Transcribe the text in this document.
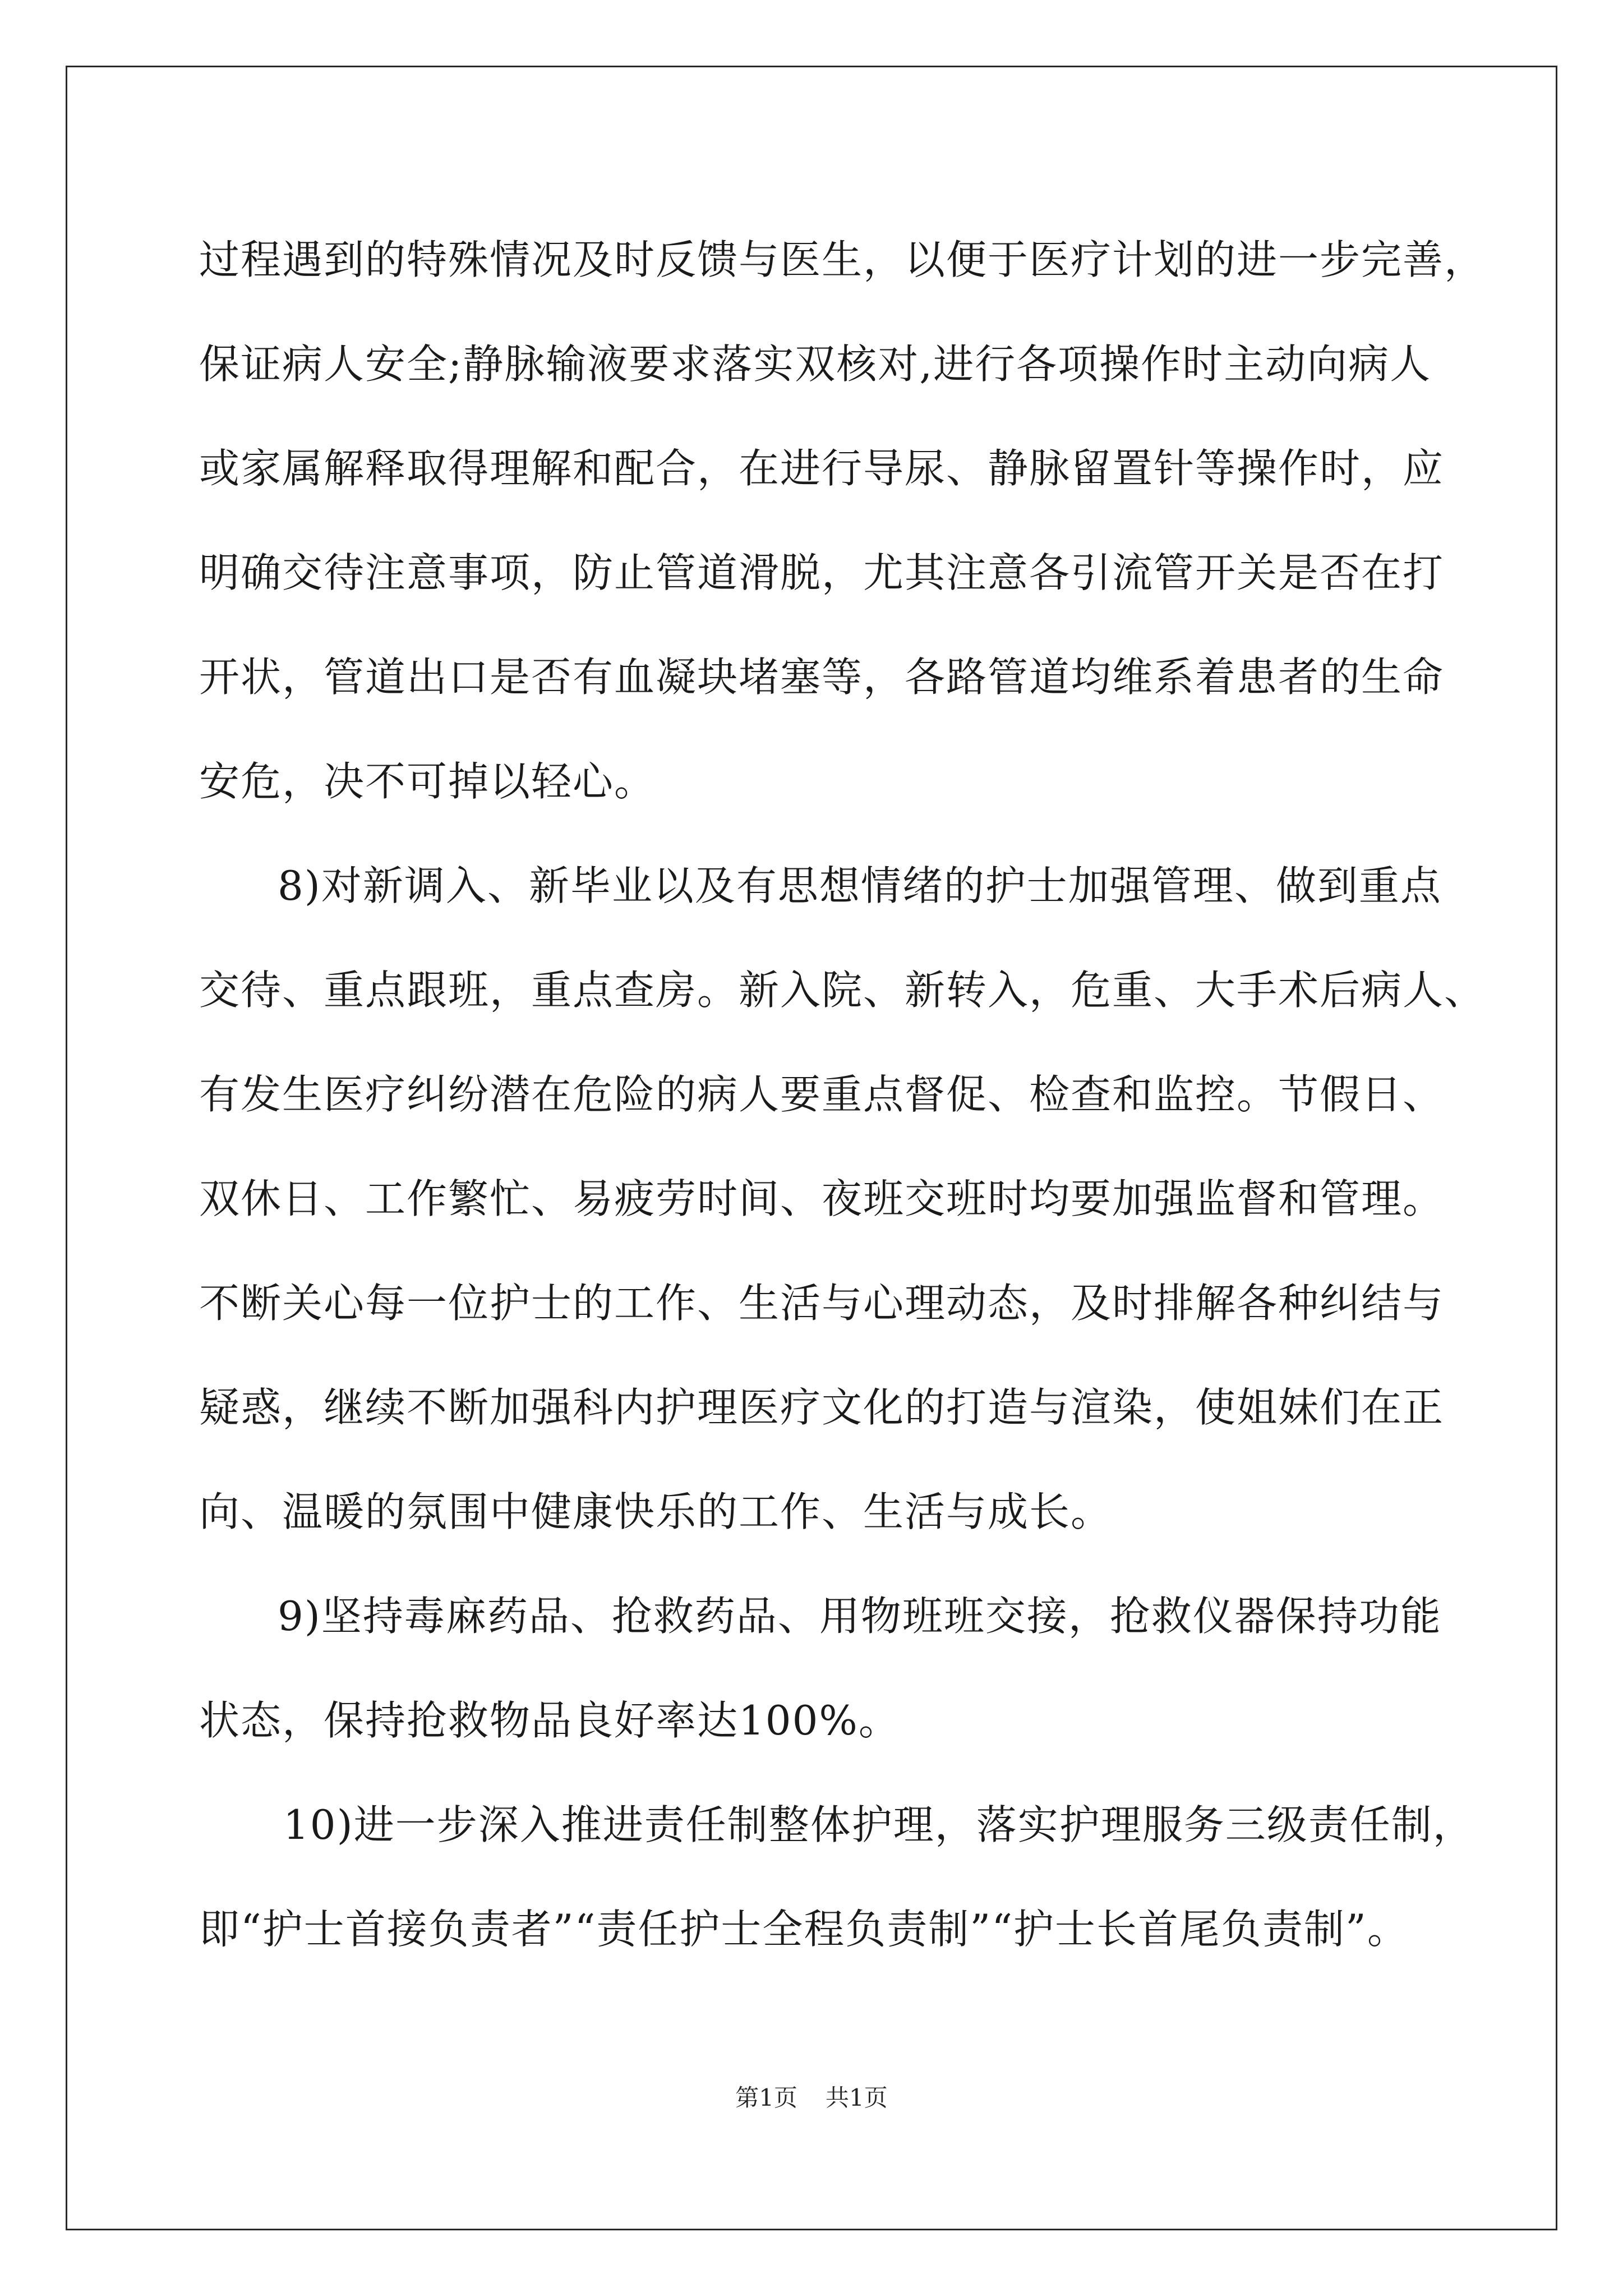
过程遇到的特殊情况及时反馈与医生，以便于医疗计划的进一步完善，
保证病人安全;静脉输液要求落实双核对,进行各项操作时主动向病人
或家属解释取得理解和配合，在进行导尿、静脉留置针等操作时，应
明确交待注意事项，防止管道滑脱，尤其注意各引流管开关是否在打
开状，管道出口是否有血凝块堵塞等，各路管道均维系着患者的生命
安危，决不可掉以轻心。
8)对新调入、新毕业以及有思想情绪的护士加强管理、做到重点
交待、重点跟班，重点查房。新入院、新转入，危重、大手术后病人、
有发生医疗纠纷潜在危险的病人要重点督促、检查和监控。节假日、
双休日、工作繁忙、易疲劳时间、夜班交班时均要加强监督和管理。
不断关心每一位护士的工作、生活与心理动态，及时排解各种纠结与
疑惑，继续不断加强科内护理医疗文化的打造与渲染，使姐妹们在正
向、温暖的氛围中健康快乐的工作、生活与成长。
9)坚持毒麻药品、抢救药品、用物班班交接，抢救仪器保持功能
状态，保持抢救物品良好率达100%。
10)进一步深入推进责任制整体护理，落实护理服务三级责任制，
即“护士首接负责者”“责任护士全程负责制”“护士长首尾负责制”。
第1页 共1页
